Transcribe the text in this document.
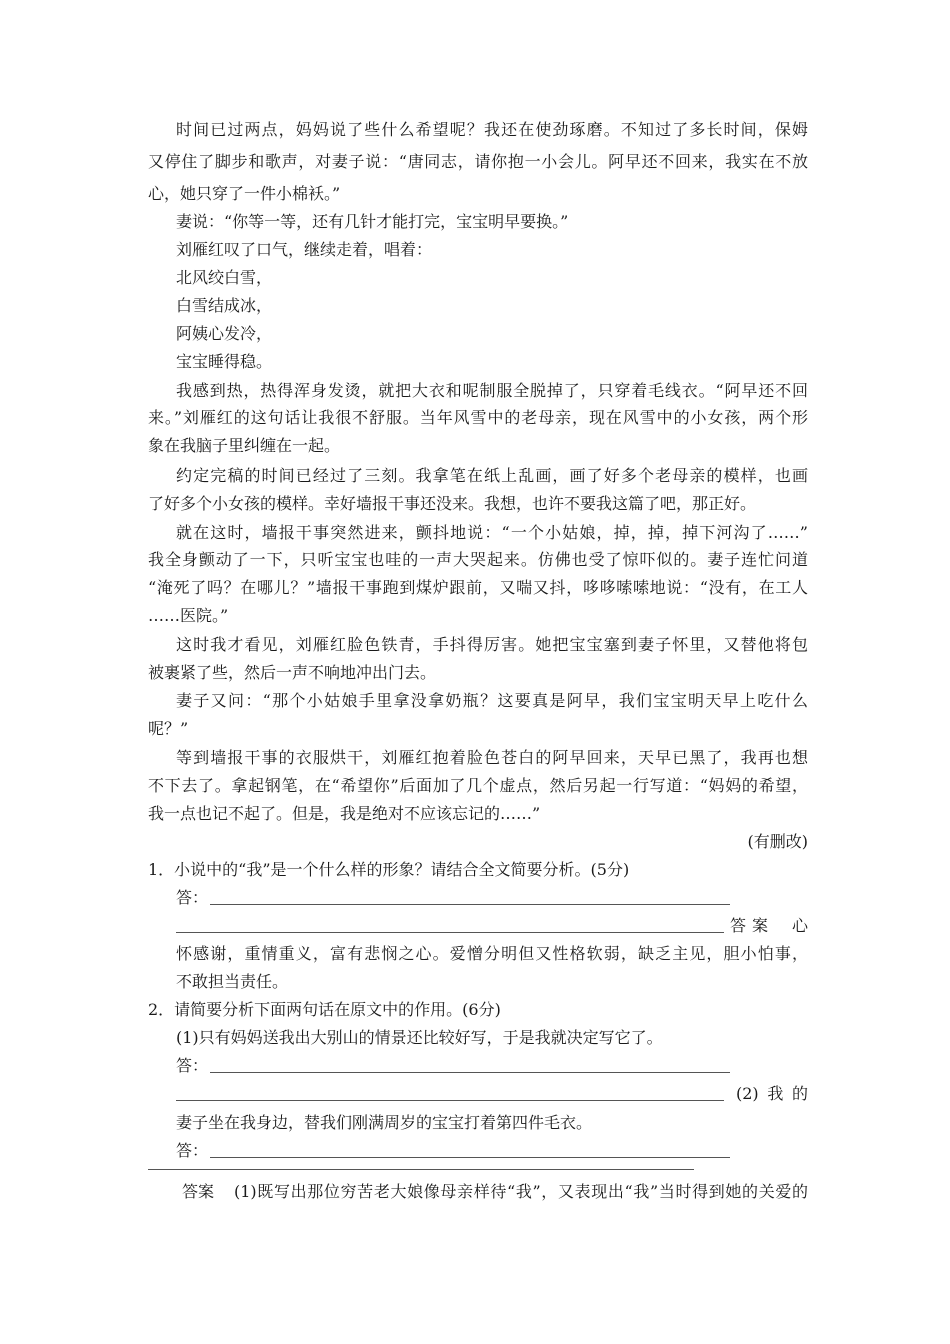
时间已过两点，妈妈说了些什么希望呢？我还在使劲琢磨。不知过了多长时间，保姆
又停住了脚步和歌声，对妻子说：“唐同志，请你抱一小会儿。阿早还不回来，我实在不放
心，她只穿了一件小棉袄。”
妻说：“你等一等，还有几针才能打完，宝宝明早要换。”
刘雁红叹了口气，继续走着，唱着：
北风绞白雪，
白雪结成冰，
阿姨心发冷，
宝宝睡得稳。
我感到热，热得浑身发烫，就把大衣和呢制服全脱掉了，只穿着毛线衣。“阿早还不回
来。”刘雁红的这句话让我很不舒服。当年风雪中的老母亲，现在风雪中的小女孩，两个形
象在我脑子里纠缠在一起。
约定完稿的时间已经过了三刻。我拿笔在纸上乱画，画了好多个老母亲的模样，也画
了好多个小女孩的模样。幸好墙报干事还没来。我想，也许不要我这篇了吧，那正好。
就在这时，墙报干事突然进来，颤抖地说：“一个小姑娘，掉，掉，掉下河沟了……”
我全身颤动了一下，只听宝宝也哇的一声大哭起来。仿佛也受了惊吓似的。妻子连忙问道
“淹死了吗？在哪儿？”墙报干事跑到煤炉跟前，又喘又抖，哆哆嗦嗦地说：“没有，在工人
……医院。”
这时我才看见，刘雁红脸色铁青，手抖得厉害。她把宝宝塞到妻子怀里，又替他将包
被裹紧了些，然后一声不响地冲出门去。
妻子又问：“那个小姑娘手里拿没拿奶瓶？这要真是阿早，我们宝宝明天早上吃什么
呢？”
等到墙报干事的衣服烘干，刘雁红抱着脸色苍白的阿早回来，天早已黑了，我再也想
不下去了。拿起钢笔，在“希望你”后面加了几个虚点，然后另起一行写道：“妈妈的希望，
我一点也记不起了。但是，我是绝对不应该忘记的……”
(有删改)
1．小说中的“我”是一个什么样的形象？请结合全文简要分析。(5分)
答：
答案 心
怀感谢，重情重义，富有悲悯之心。爱憎分明但又性格软弱，缺乏主见，胆小怕事，
不敢担当责任。
2．请简要分析下面两句话在原文中的作用。(6分)
(1)只有妈妈送我出大别山的情景还比较好写，于是我就决定写它了。
答：
(2)我的
妻子坐在我身边，替我们刚满周岁的宝宝打着第四件毛衣。
答：
答案 (1)既写出那位穷苦老大娘像母亲样待“我”，又表现出“我”当时得到她的关爱的
